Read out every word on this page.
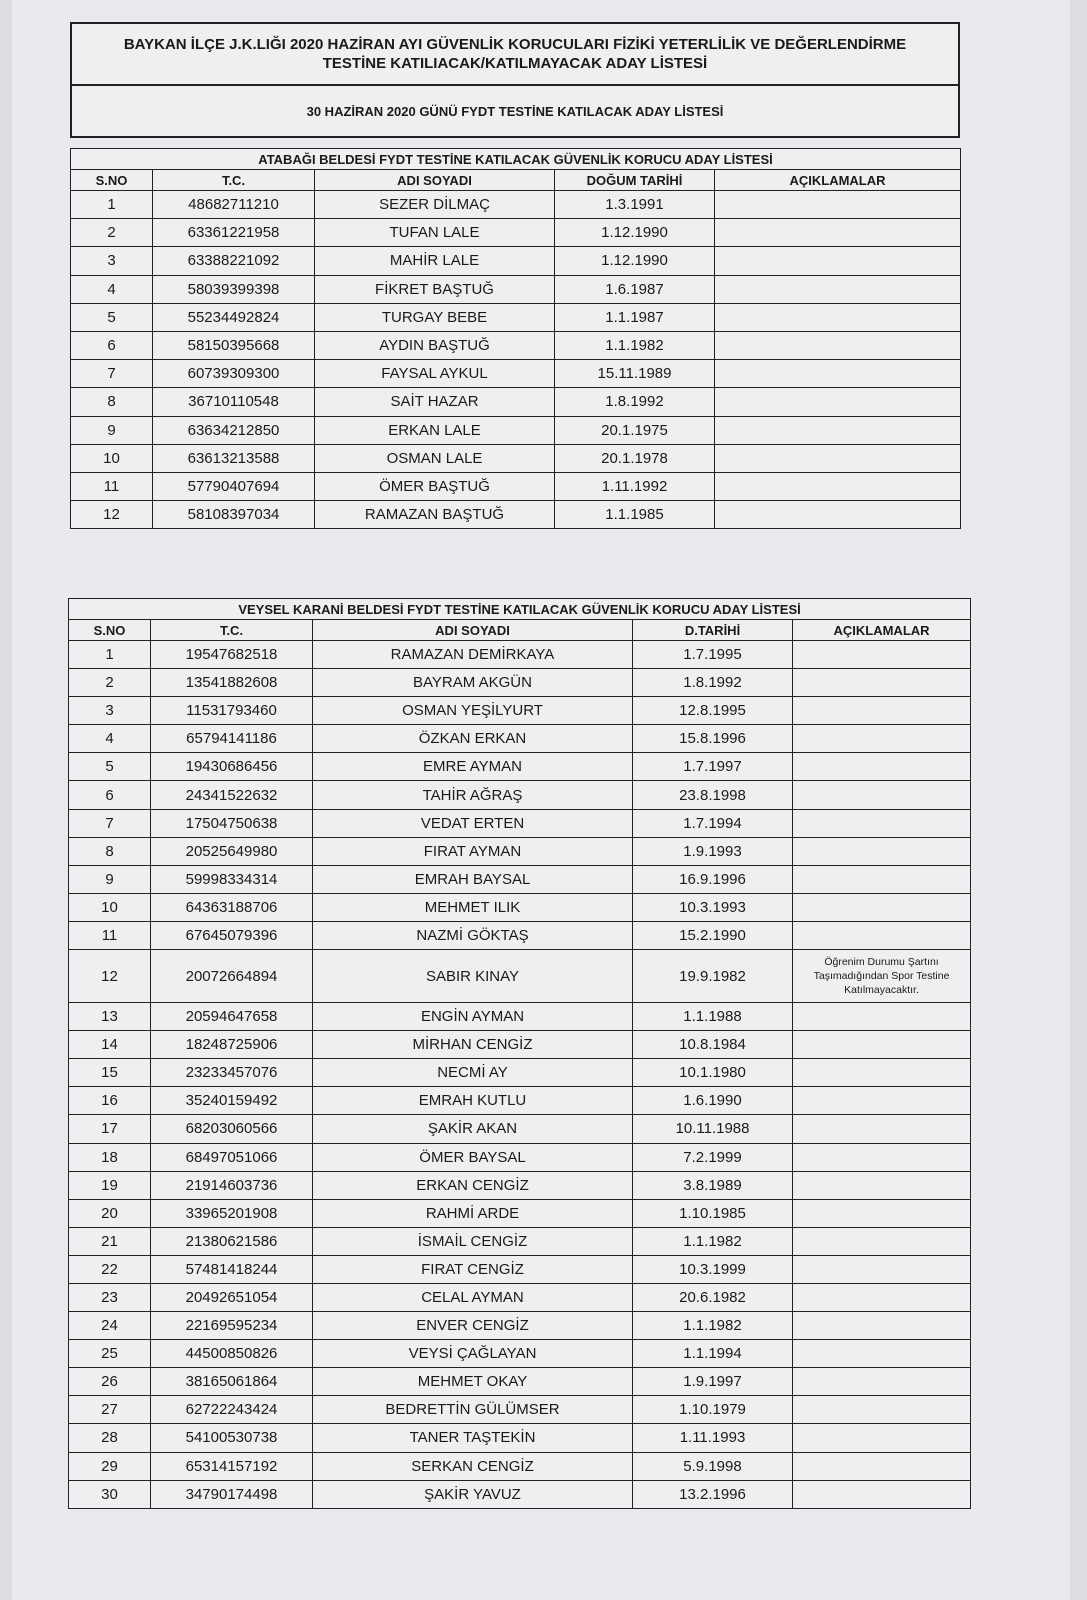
BAYKAN İLÇE J.K.LIĞI 2020 HAZİRAN AYI GÜVENLİK KORUCULARI FİZİKİ YETERLİLİK VE DEĞERLENDİRME TESTİNE KATILIACAK/KATILMAYACAK ADAY LİSTESİ
30 HAZİRAN 2020 GÜNÜ FYDT TESTİNE KATILACAK ADAY LİSTESİ
ATABAĞI BELDESİ FYDT TESTİNE KATILACAK GÜVENLİK KORUCU ADAY LİSTESİ				
S.NO	T.C.	ADI SOYADI	DOĞUM TARİHİ	AÇIKLAMALAR
1	48682711210	SEZER DİLMAÇ	1.3.1991	
2	63361221958	TUFAN LALE	1.12.1990	
3	63388221092	MAHİR LALE	1.12.1990	
4	58039399398	FİKRET BAŞTUĞ	1.6.1987	
5	55234492824	TURGAY BEBE	1.1.1987	
6	58150395668	AYDIN BAŞTUĞ	1.1.1982	
7	60739309300	FAYSAL AYKUL	15.11.1989	
8	36710110548	SAİT HAZAR	1.8.1992	
9	63634212850	ERKAN LALE	20.1.1975	
10	63613213588	OSMAN LALE	20.1.1978	
11	57790407694	ÖMER BAŞTUĞ	1.11.1992	
12	58108397034	RAMAZAN BAŞTUĞ	1.1.1985	
VEYSEL KARANİ BELDESİ FYDT TESTİNE KATILACAK GÜVENLİK KORUCU ADAY LİSTESİ				
S.NO	T.C.	ADI SOYADI	D.TARİHİ	AÇIKLAMALAR
1	19547682518	RAMAZAN DEMİRKAYA	1.7.1995	
2	13541882608	BAYRAM AKGÜN	1.8.1992	
3	11531793460	OSMAN YEŞİLYURT	12.8.1995	
4	65794141186	ÖZKAN ERKAN	15.8.1996	
5	19430686456	EMRE AYMAN	1.7.1997	
6	24341522632	TAHİR AĞRAŞ	23.8.1998	
7	17504750638	VEDAT ERTEN	1.7.1994	
8	20525649980	FIRAT AYMAN	1.9.1993	
9	59998334314	EMRAH BAYSAL	16.9.1996	
10	64363188706	MEHMET ILIK	10.3.1993	
11	67645079396	NAZMİ GÖKTAŞ	15.2.1990	
12	20072664894	SABIR KINAY	19.9.1982	Öğrenim Durumu Şartını Taşımadığından Spor Testine Katılmayacaktır.
13	20594647658	ENGİN AYMAN	1.1.1988	
14	18248725906	MİRHAN CENGİZ	10.8.1984	
15	23233457076	NECMİ AY	10.1.1980	
16	35240159492	EMRAH KUTLU	1.6.1990	
17	68203060566	ŞAKİR AKAN	10.11.1988	
18	68497051066	ÖMER BAYSAL	7.2.1999	
19	21914603736	ERKAN CENGİZ	3.8.1989	
20	33965201908	RAHMİ ARDE	1.10.1985	
21	21380621586	İSMAİL CENGİZ	1.1.1982	
22	57481418244	FIRAT CENGİZ	10.3.1999	
23	20492651054	CELAL AYMAN	20.6.1982	
24	22169595234	ENVER CENGİZ	1.1.1982	
25	44500850826	VEYSİ ÇAĞLAYAN	1.1.1994	
26	38165061864	MEHMET OKAY	1.9.1997	
27	62722243424	BEDRETTİN GÜLÜMSER	1.10.1979	
28	54100530738	TANER TAŞTEKİN	1.11.1993	
29	65314157192	SERKAN CENGİZ	5.9.1998	
30	34790174498	ŞAKİR YAVUZ	13.2.1996	
